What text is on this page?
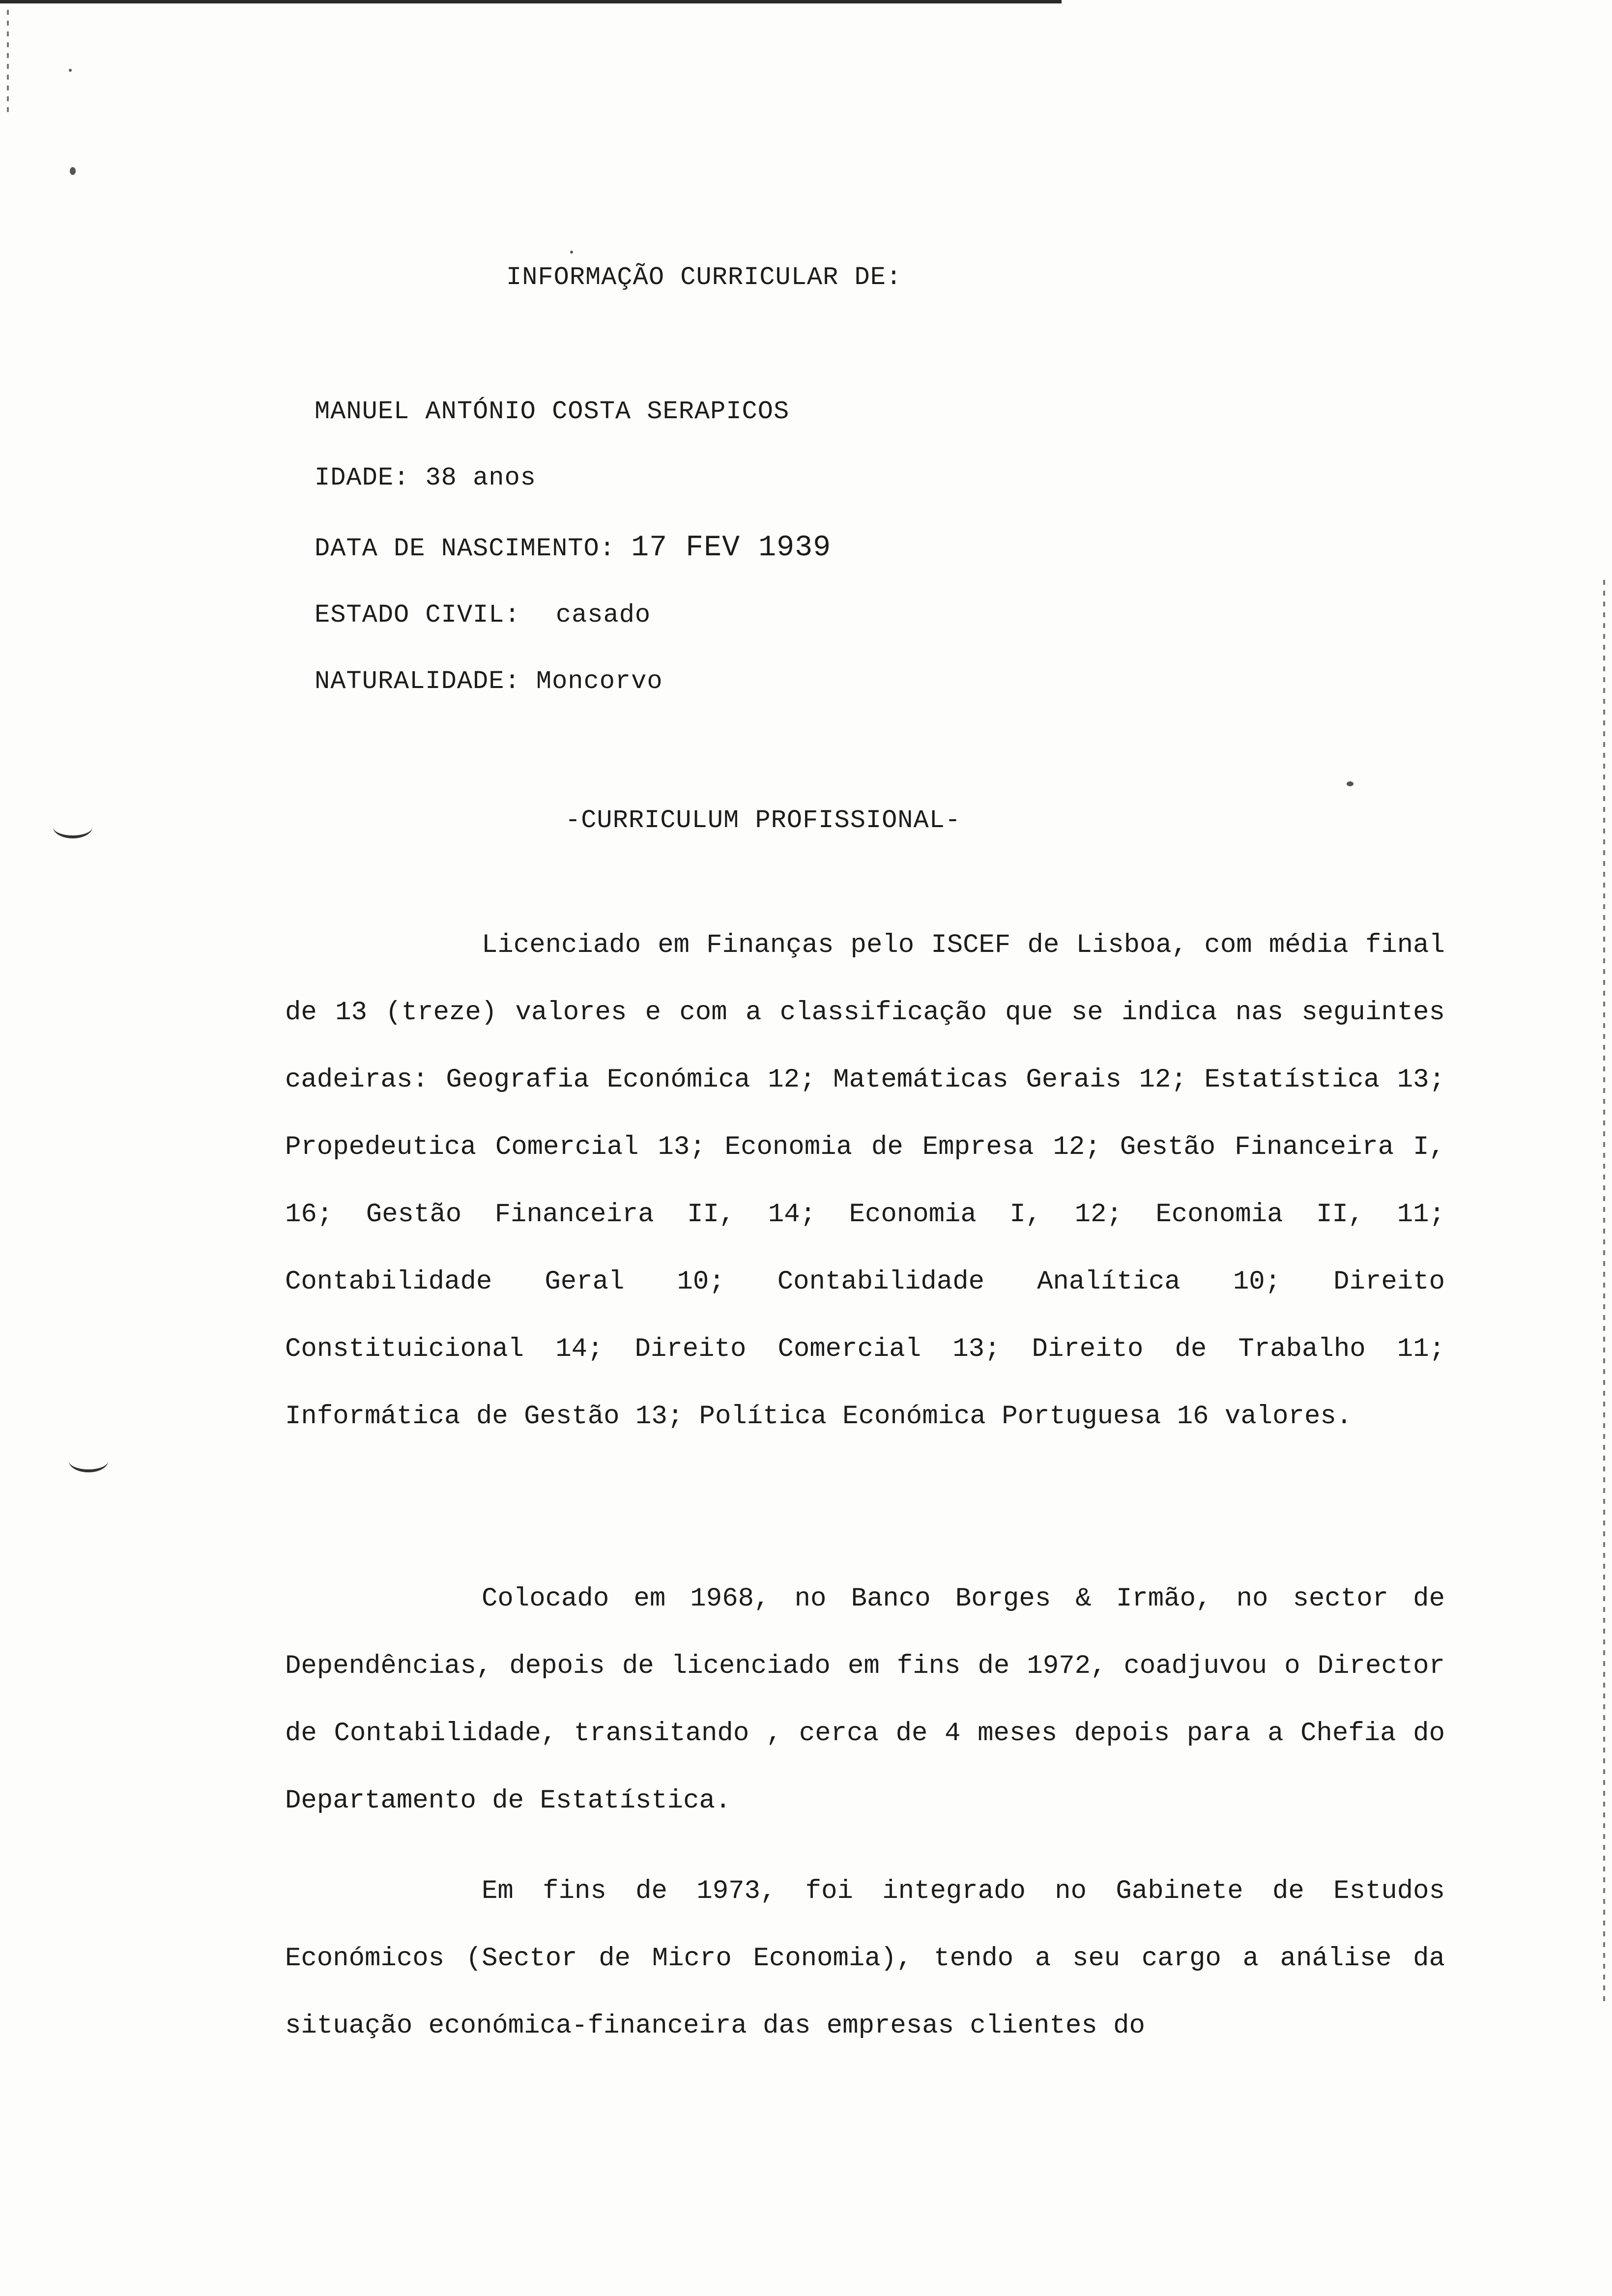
INFORMAÇÃO CURRICULAR DE:
MANUEL ANTÓNIO COSTA SERAPICOS
IDADE: 38 anos
DATA DE NASCIMENTO: 17 FEV 1939
ESTADO CIVIL: casado
NATURALIDADE: Moncorvo
-CURRICULUM PROFISSIONAL-

Licenciado em Finanças pelo ISCEF de Lisboa, com média final de 13 (treze) valores e com a classificação que se indica nas seguintes cadeiras: Geografia Económica 12; Matemáticas Gerais 12; Estatística 13; Propedeutica Comercial 13; Economia de Empresa 12; Gestão Financeira I, 16; Gestão Financeira II, 14; Economia I, 12; Economia II, 11; Contabilidade Geral 10; Contabilidade Analítica 10; Direito Constituicional 14; Direito Comercial 13; Direito de Trabalho 11; Informática de Gestão 13; Política Económica Portuguesa 16 valores.

Colocado em 1968, no Banco Borges & Irmão, no sector de Dependências, depois de licenciado em fins de 1972, coadjuvou o Director de Contabilidade, transitando , cerca de 4 meses depois para a Chefia do Departamento de Estatística.

Em fins de 1973, foi integrado no Gabinete de Estudos Económicos (Sector de Micro Economia), tendo a seu cargo a análise da situação económica-financeira das empresas clientes do
